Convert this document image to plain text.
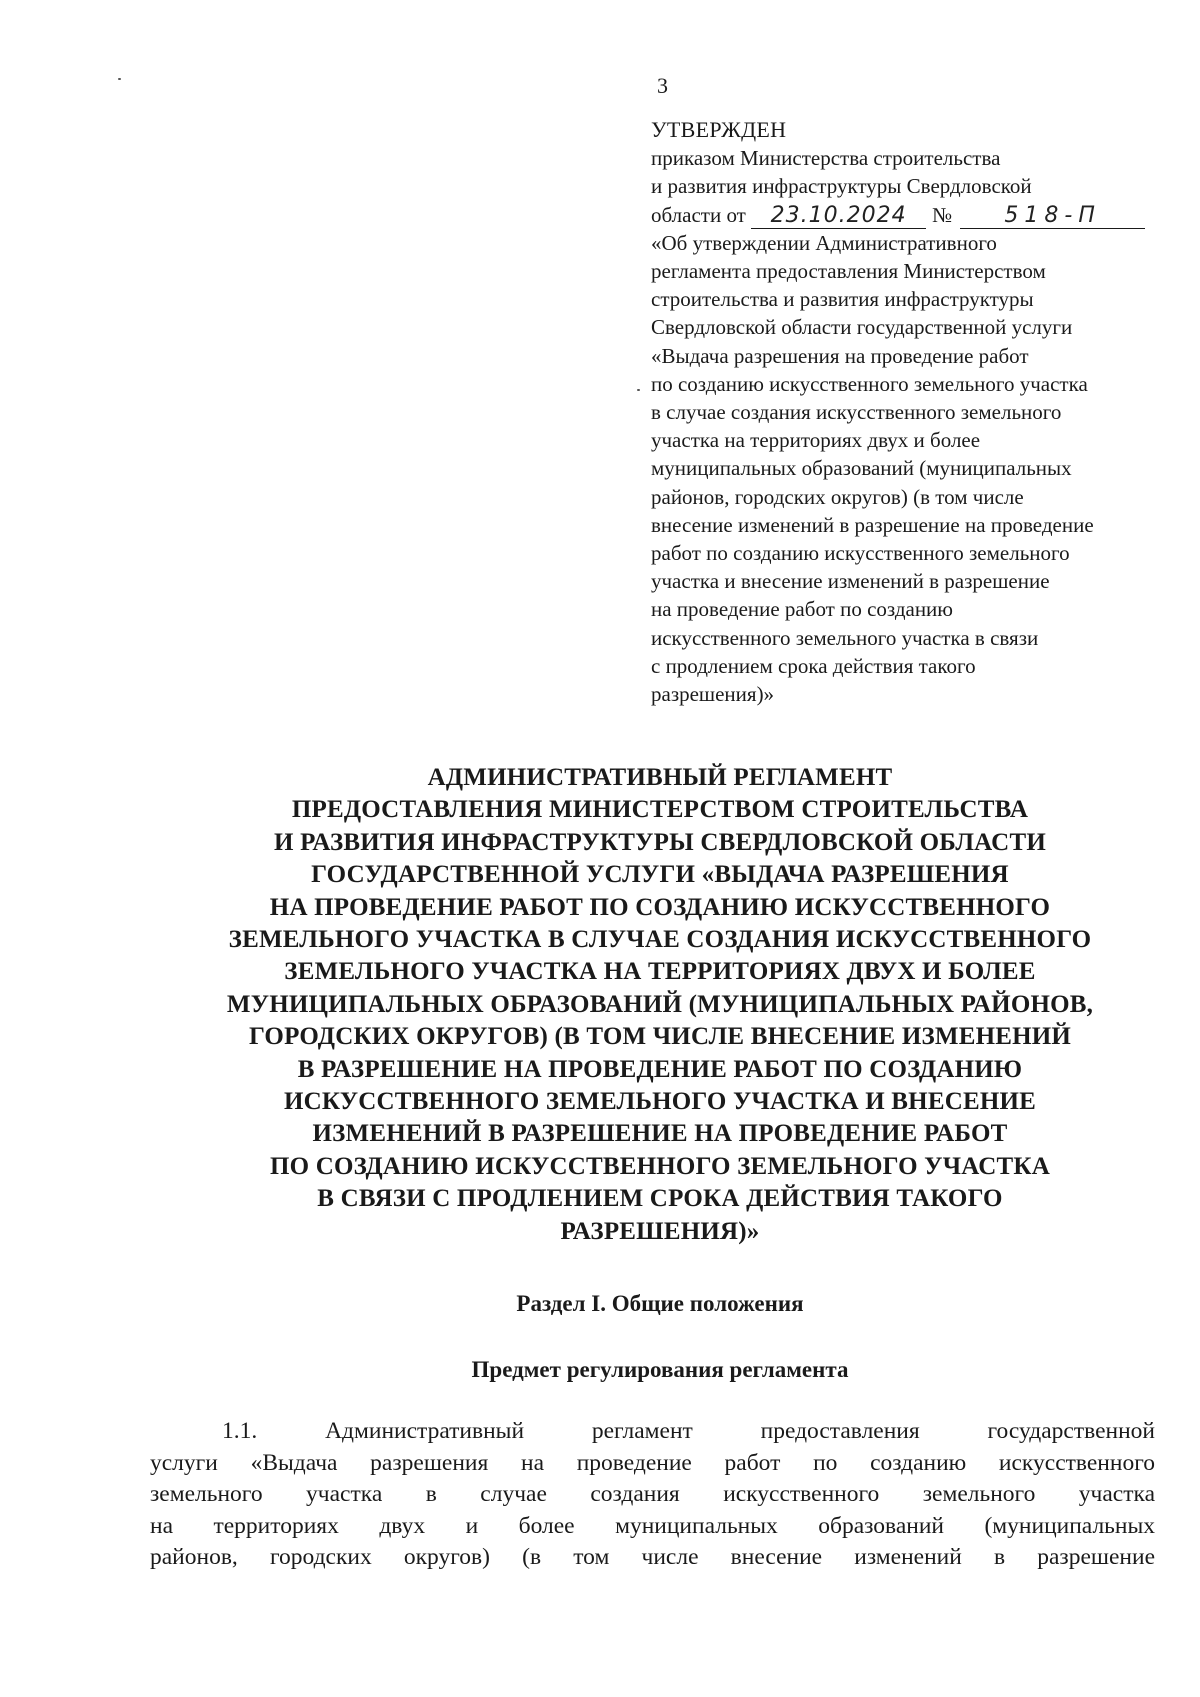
3
УТВЕРЖДЕН
приказом Министерства строительства
и развития инфраструктуры Свердловской
области от 23.10.2024 № 518-П
«Об утверждении Административного
регламента предоставления Министерством
строительства и развития инфраструктуры
Свердловской области государственной услуги
«Выдача разрешения на проведение работ
по созданию искусственного земельного участка
в случае создания искусственного земельного
участка на территориях двух и более
муниципальных образований (муниципальных
районов, городских округов) (в том числе
внесение изменений в разрешение на проведение
работ по созданию искусственного земельного
участка и внесение изменений в разрешение
на проведение работ по созданию
искусственного земельного участка в связи
с продлением срока действия такого
разрешения)»
АДМИНИСТРАТИВНЫЙ РЕГЛАМЕНТ
ПРЕДОСТАВЛЕНИЯ МИНИСТЕРСТВОМ СТРОИТЕЛЬСТВА
И РАЗВИТИЯ ИНФРАСТРУКТУРЫ СВЕРДЛОВСКОЙ ОБЛАСТИ
ГОСУДАРСТВЕННОЙ УСЛУГИ «ВЫДАЧА РАЗРЕШЕНИЯ
НА ПРОВЕДЕНИЕ РАБОТ ПО СОЗДАНИЮ ИСКУССТВЕННОГО
ЗЕМЕЛЬНОГО УЧАСТКА В СЛУЧАЕ СОЗДАНИЯ ИСКУССТВЕННОГО
ЗЕМЕЛЬНОГО УЧАСТКА НА ТЕРРИТОРИЯХ ДВУХ И БОЛЕЕ
МУНИЦИПАЛЬНЫХ ОБРАЗОВАНИЙ (МУНИЦИПАЛЬНЫХ РАЙОНОВ,
ГОРОДСКИХ ОКРУГОВ) (В ТОМ ЧИСЛЕ ВНЕСЕНИЕ ИЗМЕНЕНИЙ
В РАЗРЕШЕНИЕ НА ПРОВЕДЕНИЕ РАБОТ ПО СОЗДАНИЮ
ИСКУССТВЕННОГО ЗЕМЕЛЬНОГО УЧАСТКА И ВНЕСЕНИЕ
ИЗМЕНЕНИЙ В РАЗРЕШЕНИЕ НА ПРОВЕДЕНИЕ РАБОТ
ПО СОЗДАНИЮ ИСКУССТВЕННОГО ЗЕМЕЛЬНОГО УЧАСТКА
В СВЯЗИ С ПРОДЛЕНИЕМ СРОКА ДЕЙСТВИЯ ТАКОГО
РАЗРЕШЕНИЯ)»
Раздел I. Общие положения
Предмет регулирования регламента
1.1. Административный регламент предоставления государственной
услуги «Выдача разрешения на проведение работ по созданию искусственного
земельного участка в случае создания искусственного земельного участка
на территориях двух и более муниципальных образований (муниципальных
районов, городских округов) (в том числе внесение изменений в разрешение
